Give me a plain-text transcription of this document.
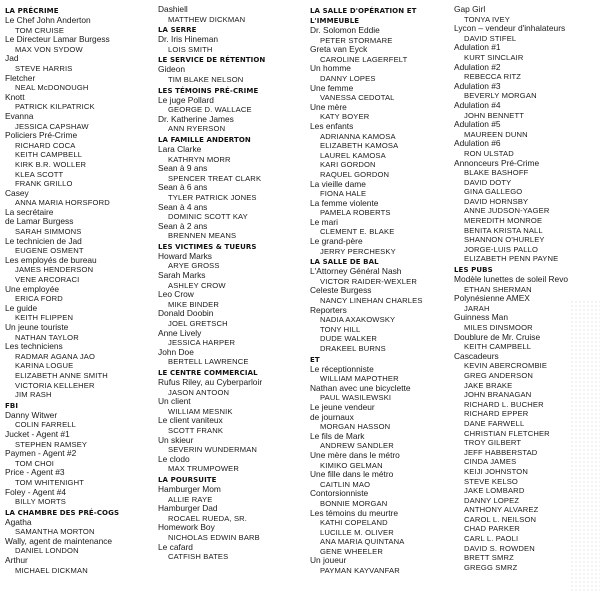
LA PRÉCRIME
Le Chef John Anderton
TOM CRUISE
Le Directeur Lamar Burgess
MAX VON SYDOW
Jad
STEVE HARRIS
Fletcher
NEAL McDONOUGH
Knott
PATRICK KILPATRICK
Evanna
JESSICA CAPSHAW
Policiers Pré-Crime
RICHARD COCA
KEITH CAMPBELL
KIRK B.R. WOLLER
KLEA SCOTT
FRANK GRILLO
Casey
ANNA MARIA HORSFORD
La secrétaire
de Lamar Burgess
SARAH SIMMONS
Le technicien de Jad
EUGENE OSMENT
Les employés de bureau
JAMES HENDERSON
VENE ARCORACI
Une employée
ERICA FORD
Le guide
KEITH FLIPPEN
Un jeune touriste
NATHAN TAYLOR
Les techniciens
RADMAR AGANA JAO
KARINA LOGUE
ELIZABETH ANNE SMITH
VICTORIA KELLEHER
JIM RASH
FBI
Danny Witwer
COLIN FARRELL
Jucket - Agent #1
STEPHEN RAMSEY
Paymen - Agent #2
TOM CHOI
Price - Agent #3
TOM WHITENIGHT
Foley - Agent #4
BILLY MORTS
LA CHAMBRE DES PRÉ-COGS
Agatha
SAMANTHA MORTON
Wally, agent de maintenance
DANIEL LONDON
Arthur
MICHAEL DICKMAN
Dashiell
MATTHEW DICKMAN
LA SERRE
Dr. Iris Hineman
LOIS SMITH
LE SERVICE DE RÉTENTION
Gideon
TIM BLAKE NELSON
LES TÉMOINS PRÉ-CRIME
Le juge Pollard
GEORGE D. WALLACE
Dr. Katherine James
ANN RYERSON
LA FAMILLE ANDERTON
Lara Clarke
KATHRYN MORR
Sean à 9 ans
SPENCER TREAT CLARK
Sean à 6 ans
TYLER PATRICK JONES
Sean à 4 ans
DOMINIC SCOTT KAY
Sean à 2 ans
BRENNEN MEANS
LES VICTIMES & TUEURS
Howard Marks
ARYE GROSS
Sarah Marks
ASHLEY CROW
Leo Crow
MIKE BINDER
Donald Doobin
JOEL GRETSCH
Anne Lively
JESSICA HARPER
John Doe
BERTELL LAWRENCE
LE CENTRE COMMERCIAL
Rufus Riley, au Cyberparloir
JASON ANTOON
Un client
WILLIAM MESNIK
Le client vaniteux
SCOTT FRANK
Un skieur
SEVERIN WUNDERMAN
Le clodo
MAX TRUMPOWER
LA POURSUITE
Hamburger Mom
ALLIE RAYE
Hamburger Dad
ROCAEL RUEDA, SR.
Homework Boy
NICHOLAS EDWIN BARB
Le cafard
CATFISH BATES
LA SALLE D'OPÉRATION ET L'IMMEUBLE
Dr. Solomon Eddie
PETER STORMARE
Greta van Eyck
CAROLINE LAGERFELT
Un homme
DANNY LOPES
Une femme
VANESSA CEDOTAL
Une mère
KATY BOYER
Les enfants
ADRIANNA KAMOSA
ELIZABETH KAMOSA
LAUREL KAMOSA
KARI GORDON
RAQUEL GORDON
La vieille dame
FIONA HALE
La femme violente
PAMELA ROBERTS
Le mari
CLEMENT E. BLAKE
Le grand-père
JERRY PERCHESKY
LA SALLE DE BAL
L'Attorney Général Nash
VICTOR RAIDER-WEXLER
Celeste Burgess
NANCY LINEHAN CHARLES
Reporters
NADIA AXAKOWSKY
TONY HILL
DUDE WALKER
DRAKEEL BURNS
ET
Le réceptionniste
WILLIAM MAPOTHER
Nathan avec une bicyclette
PAUL WASILEWSKI
Le jeune vendeur
de journaux
MORGAN HASSON
Le fils de Mark
ANDREW SANDLER
Une mère dans le métro
KIMIKO GELMAN
Une fille dans le métro
CAITLIN MAO
Contorsionniste
BONNIE MORGAN
Les témoins du meurtre
KATHI COPELAND
LUCILLE M. OLIVER
ANA MARIA QUINTANA
GENE WHEELER
Un joueur
PAYMAN KAYVANFAR
Gap Girl
TONYA IVEY
Lycon – vendeur d'inhalateurs
DAVID STIFEL
Adulation #1
KURT SINCLAIR
Adulation #2
REBECCA RITZ
Adulation #3
BEVERLY MORGAN
Adulation #4
JOHN BENNETT
Adulation #5
MAUREEN DUNN
Adulation #6
RON ULSTAD
Annonceurs Pré-Crime
BLAKE BASHOFF
DAVID DOTY
GINA GALLEGO
DAVID HORNSBY
ANNE JUDSON-YAGER
MEREDITH MONROE
BENITA KRISTA NALL
SHANNON O'HURLEY
JORGE-LUIS PALLO
ELIZABETH PENN PAYNE
LES PUBS
Modèle lunettes de soleil Revo
ETHAN SHERMAN
Polynésienne AMEX
JARAH
Guinness Man
MILES DINSMOOR
Doublure de Mr. Cruise
KEITH CAMPBELL
Cascadeurs
KEVIN ABERCROMBIE
GREG ANDERSON
JAKE BRAKE
JOHN BRANAGAN
RICHARD L. BUCHER
RICHARD EPPER
DANE FARWELL
CHRISTIAN FLETCHER
TROY GILBERT
JEFF HABBERSTAD
CINDA JAMES
KEIJI JOHNSTON
STEVE KELSO
JAKE LOMBARD
DANNY LOPEZ
ANTHONY ALVAREZ
CAROL L. NEILSON
CHAD PARKER
CARL L. PAOLI
DAVID S. ROWDEN
BRETT SMRZ
GREGG SMRZ
